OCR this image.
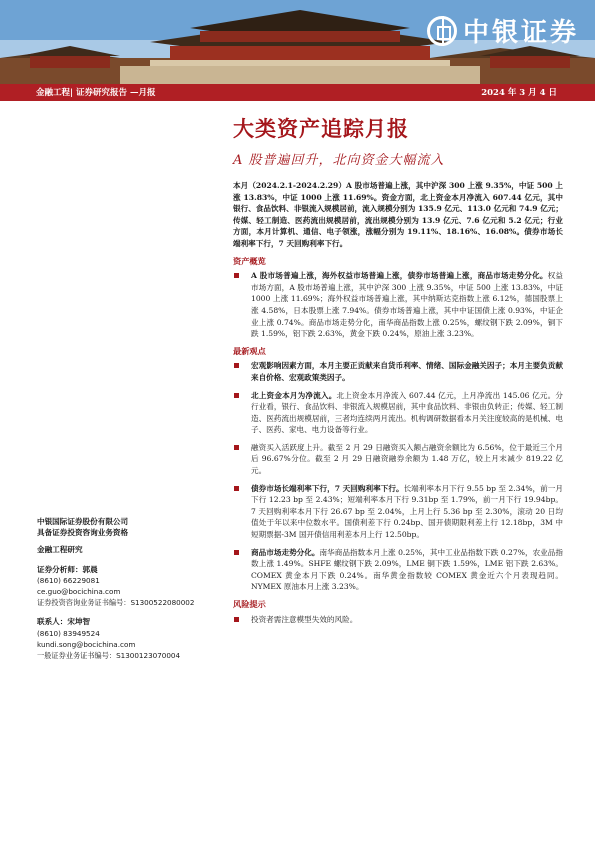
中银证券
金融工程| 证券研究报告 —月报	2024 年 3 月 4 日
大类资产追踪月报
A 股普遍回升，北向资金大幅流入

本月（2024.2.1-2024.2.29）A 股市场普遍上涨，其中沪深 300 上涨 9.35%，中证 500 上涨 13.83%，中证 1000 上涨 11.69%。资金方面，北上资金本月净流入 607.44 亿元，其中银行、食品饮料、非银流入规模居前，流入规模分别为 135.9 亿元、113.0 亿元和 74.9 亿元；传媒、轻工制造、医药流出规模居前，流出规模分别为 13.9 亿元、7.6 亿元和 5.2 亿元；行业方面，本月计算机、通信、电子领涨，涨幅分别为 19.11%、18.16%、16.08%。债券市场长端利率下行，7 天回购利率下行。

资产概览

A 股市场普遍上涨，海外权益市场普遍上涨，债券市场普遍上涨，商品市场走势分化。权益市场方面，A 股市场普遍上涨，其中沪深 300 上涨 9.35%，中证 500 上涨 13.83%，中证 1000 上涨 11.69%；海外权益市场普遍上涨，其中纳斯达克指数上涨 6.12%，德国股票上涨 4.58%，日本股票上涨 7.94%。债券市场普遍上涨，其中中证国债上涨 0.93%，中证企业上涨 0.74%。商品市场走势分化，南华商品指数上涨 0.25%，螺纹钢下跌 2.09%，铜下跌 1.59%，铝下跌 2.63%，黄金下跌 0.24%，原油上涨 3.23%。

最新观点

宏观影响因素方面，本月主要正贡献来自货币利率、情绪、国际金融关因子；本月主要负贡献来自价格、宏观政策类因子。

北上资金本月为净流入。北上资金本月净流入 607.44 亿元，上月净流出 145.06 亿元。分行业看，银行、食品饮料、非银流入规模居前，其中食品饮料、非银由负转正；传媒、轻工制造、医药流出规模居前，三者均连续两月流出。机构调研数据看本月关注度较高的是机械、电子、医药、家电、电力设备等行业。

融资买入活跃度上升。截至 2 月 29 日融资买入额占融资余额比为 6.56%，位于最近三个月后 96.67%分位。截至 2 月 29 日融资融券余额为 1.48 万亿，较上月末减少 819.22 亿元。

债券市场长端利率下行，7 天回购利率下行。长端利率本月下行 9.55 bp 至 2.34%，前一月下行 12.23 bp 至 2.43%；短端利率本月下行 9.31bp 至 1.79%，前一月下行 19.94bp。7 天回购利率本月下行 26.67 bp 至 2.04%，上月上行 5.36 bp 至 2.30%，滚动 20 日均值处于年以来中位数水平。国债利差下行 0.24bp、国开债期限利差上行 12.18bp，3M 中短期票据-3M 国开债信用利差本月上行 12.50bp。

商品市场走势分化。南华商品指数本月上涨 0.25%，其中工业品指数下跌 0.27%，农业品指数上涨 1.49%。SHFE 螺纹钢下跌 2.09%，LME 铜下跌 1.59%，LME 铝下跌 2.63%。COMEX 黄金本月下跌 0.24%。南华黄金指数较 COMEX 黄金近六个月表现趋同。NYMEX 原油本月上涨 3.23%。

风险提示

投资者需注意模型失效的风险。

中银国际证券股份有限公司
具备证券投资咨询业务资格
金融工程研究
证券分析师：郭晨
(8610) 66229081
ce.guo@bocichina.com
证券投资咨询业务证书编号：S1300522080002
联系人：宋坤智
(8610) 83949524
kundi.song@bocichina.com
一般证券业务证书编号：S1300123070004
